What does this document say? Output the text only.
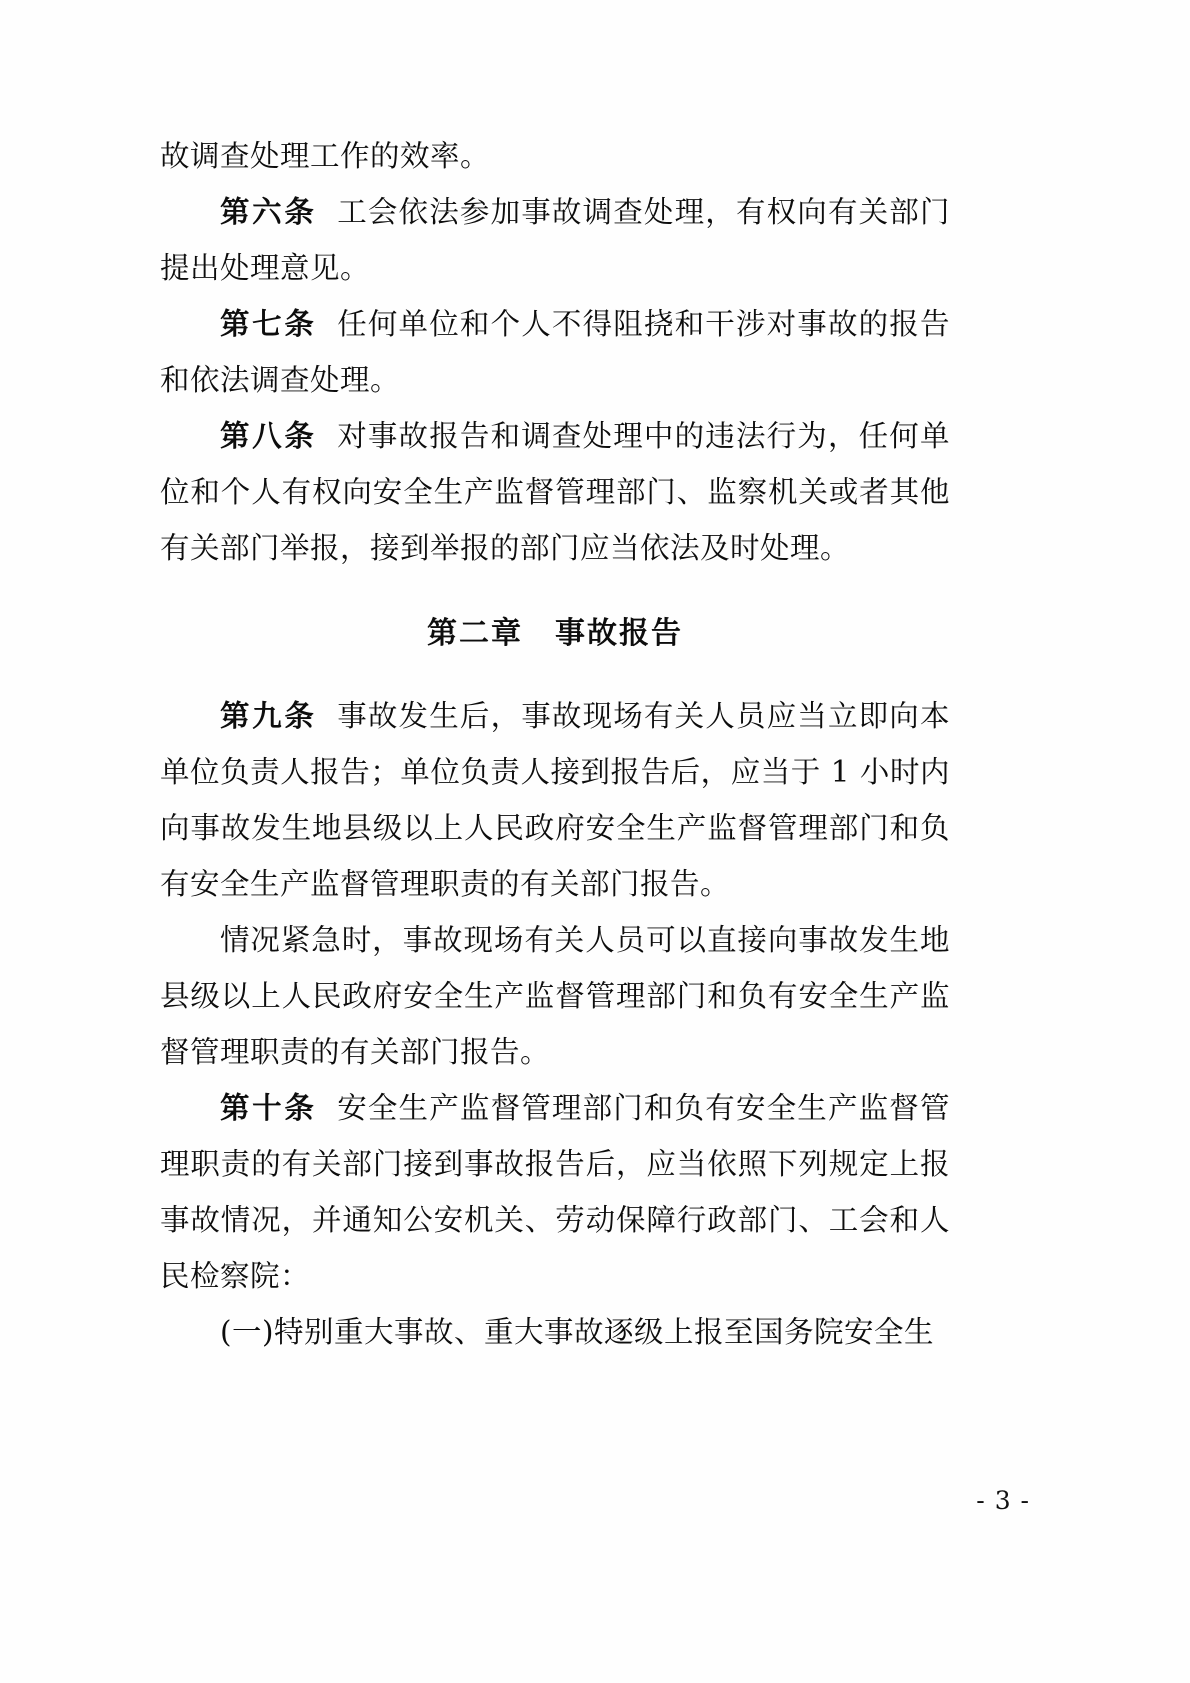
故调查处理工作的效率。

第六条 工会依法参加事故调查处理，有权向有关部门提出处理意见。

第七条 任何单位和个人不得阻挠和干涉对事故的报告和依法调查处理。

第八条 对事故报告和调查处理中的违法行为，任何单位和个人有权向安全生产监督管理部门、监察机关或者其他有关部门举报，接到举报的部门应当依法及时处理。

第二章　事故报告

第九条 事故发生后，事故现场有关人员应当立即向本单位负责人报告；单位负责人接到报告后，应当于 1 小时内向事故发生地县级以上人民政府安全生产监督管理部门和负有安全生产监督管理职责的有关部门报告。

情况紧急时，事故现场有关人员可以直接向事故发生地县级以上人民政府安全生产监督管理部门和负有安全生产监督管理职责的有关部门报告。

第十条 安全生产监督管理部门和负有安全生产监督管理职责的有关部门接到事故报告后，应当依照下列规定上报事故情况，并通知公安机关、劳动保障行政部门、工会和人民检察院：

(一)特别重大事故、重大事故逐级上报至国务院安全生

- 3 -
